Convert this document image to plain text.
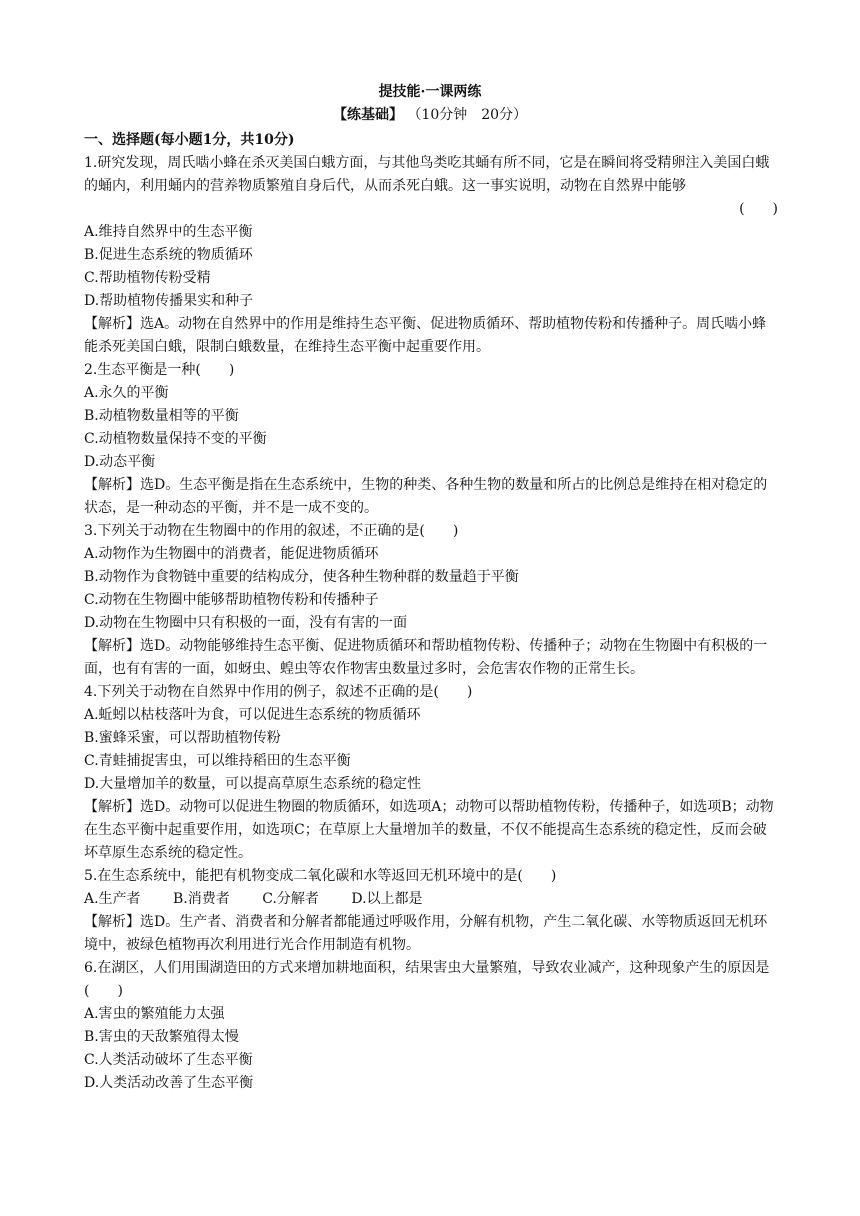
提技能·一课两练
【练基础】 （10分钟　20分）
一、选择题(每小题1分，共10分)

1.研究发现，周氏啮小蜂在杀灭美国白蛾方面，与其他鸟类吃其蛹有所不同，它是在瞬间将受精卵注入美国白蛾的蛹内，利用蛹内的营养物质繁殖自身后代，从而杀死白蛾。这一事实说明，动物在自然界中能够

(　　)

A.维持自然界中的生态平衡

B.促进生态系统的物质循环

C.帮助植物传粉受精

D.帮助植物传播果实和种子

【解析】选A。动物在自然界中的作用是维持生态平衡、促进物质循环、帮助植物传粉和传播种子。周氏啮小蜂能杀死美国白蛾，限制白蛾数量，在维持生态平衡中起重要作用。

2.生态平衡是一种(　　)

A.永久的平衡

B.动植物数量相等的平衡

C.动植物数量保持不变的平衡

D.动态平衡

【解析】选D。生态平衡是指在生态系统中，生物的种类、各种生物的数量和所占的比例总是维持在相对稳定的状态，是一种动态的平衡，并不是一成不变的。

3.下列关于动物在生物圈中的作用的叙述，不正确的是(　　)

A.动物作为生物圈中的消费者，能促进物质循环

B.动物作为食物链中重要的结构成分，使各种生物种群的数量趋于平衡

C.动物在生物圈中能够帮助植物传粉和传播种子

D.动物在生物圈中只有积极的一面，没有有害的一面

【解析】选D。动物能够维持生态平衡、促进物质循环和帮助植物传粉、传播种子；动物在生物圈中有积极的一面，也有有害的一面，如蚜虫、蝗虫等农作物害虫数量过多时，会危害农作物的正常生长。

4.下列关于动物在自然界中作用的例子，叙述不正确的是(　　)

A.蚯蚓以枯枝落叶为食，可以促进生态系统的物质循环

B.蜜蜂采蜜，可以帮助植物传粉

C.青蛙捕捉害虫，可以维持稻田的生态平衡

D.大量增加羊的数量，可以提高草原生态系统的稳定性

【解析】选D。动物可以促进生物圈的物质循环，如选项A；动物可以帮助植物传粉，传播种子，如选项B；动物在生态平衡中起重要作用，如选项C；在草原上大量增加羊的数量，不仅不能提高生态系统的稳定性，反而会破坏草原生态系统的稳定性。

5.在生态系统中，能把有机物变成二氧化碳和水等返回无机环境中的是(　　)

A.生产者 B.消费者 C.分解者 D.以上都是

【解析】选D。生产者、消费者和分解者都能通过呼吸作用，分解有机物，产生二氧化碳、水等物质返回无机环境中，被绿色植物再次利用进行光合作用制造有机物。

6.在湖区，人们用围湖造田的方式来增加耕地面积，结果害虫大量繁殖，导致农业减产，这种现象产生的原因是(　　)

A.害虫的繁殖能力太强

B.害虫的天敌繁殖得太慢

C.人类活动破坏了生态平衡

D.人类活动改善了生态平衡
